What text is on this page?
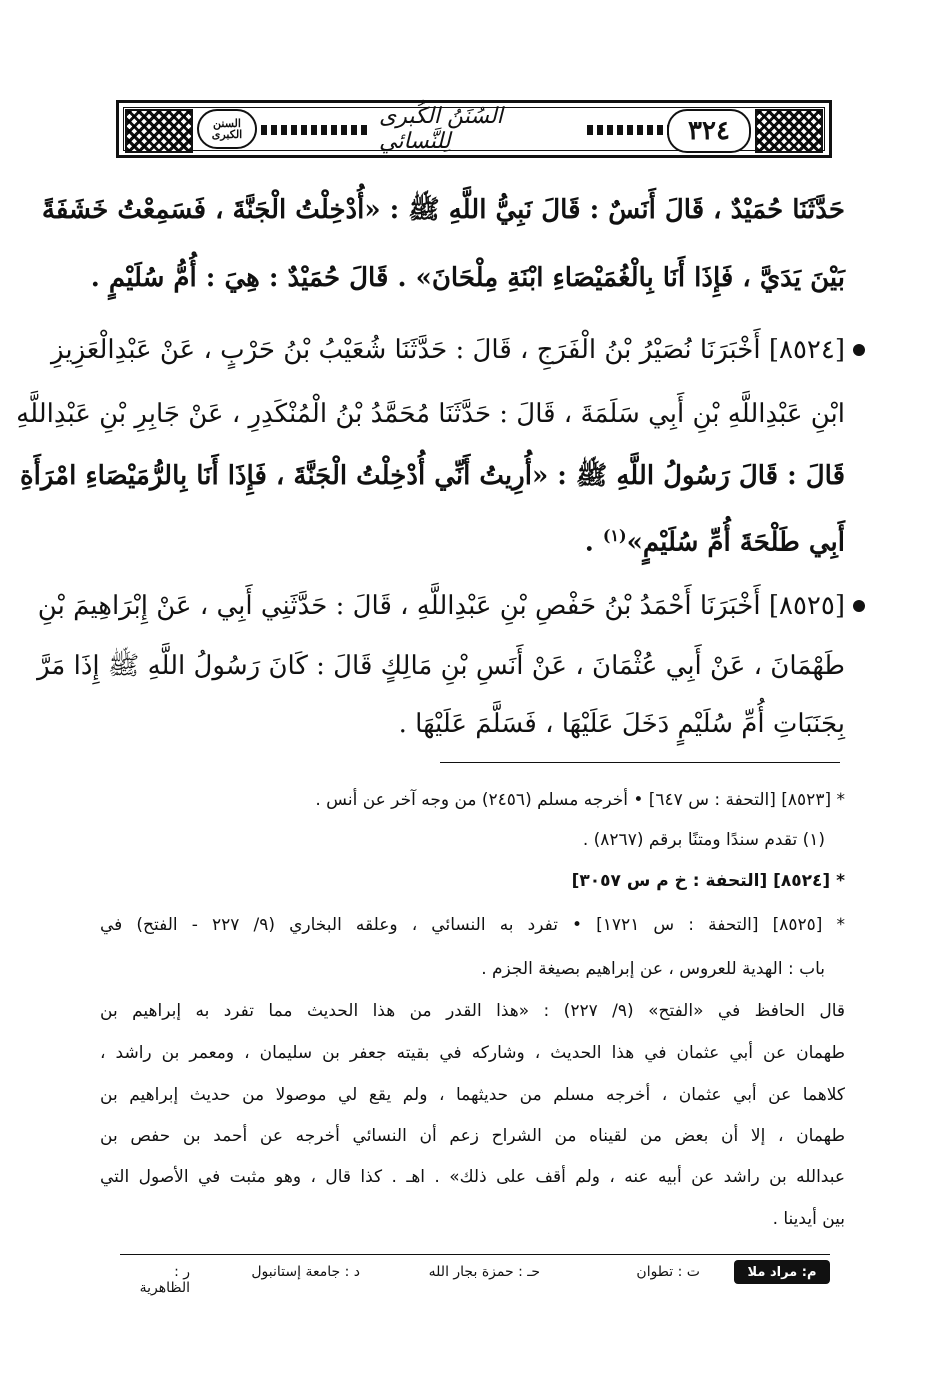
السنن الكبرى	٣٢٤
السُنَنُ الكُبرى لِلنَّسائي
حَدَّثَنَا حُمَيْدٌ ، قَالَ أَنَسٌ : قَالَ نَبِيُّ اللَّهِ ﷺ : «أُدْخِلْتُ الْجَنَّةَ ، فَسَمِعْتُ خَشَفَةً
بَيْنَ يَدَيَّ ، فَإِذَا أَنَا بِالْغُمَيْصَاءِ ابْنَةِ مِلْحَانَ» . قَالَ حُمَيْدٌ : هِيَ : أُمُّ سُلَيْمٍ .
[٨٥٢٤] أَخْبَرَنَا نُصَيْرُ بْنُ الْفَرَجِ ، قَالَ : حَدَّثَنَا شُعَيْبُ بْنُ حَرْبٍ ، عَنْ عَبْدِالْعَزِيزِ
ابْنِ عَبْدِاللَّهِ بْنِ أَبِي سَلَمَةَ ، قَالَ : حَدَّثَنَا مُحَمَّدُ بْنُ الْمُنْكَدِرِ ، عَنْ جَابِرِ بْنِ عَبْدِاللَّهِ
قَالَ : قَالَ رَسُولُ اللَّهِ ﷺ : «أُرِيتُ أَنِّي أُدْخِلْتُ الْجَنَّةَ ، فَإِذَا أَنَا بِالرُّمَيْصَاءِ امْرَأَةِ
أَبِي طَلْحَةَ أُمِّ سُلَيْمٍ»$^{(١)}$ .
[٨٥٢٥] أَخْبَرَنَا أَحْمَدُ بْنُ حَفْصِ بْنِ عَبْدِاللَّهِ ، قَالَ : حَدَّثَنِي أَبِي ، عَنْ إِبْرَاهِيمَ بْنِ
طَهْمَانَ ، عَنْ أَبِي عُثْمَانَ ، عَنْ أَنَسِ بْنِ مَالِكٍ قَالَ : كَانَ رَسُولُ اللَّهِ ﷺ إِذَا مَرَّ
بِجَنَبَاتِ أُمِّ سُلَيْمٍ دَخَلَ عَلَيْهَا ، فَسَلَّمَ عَلَيْهَا .
* [٨٥٢٣] [التحفة : س ٦٤٧] • أخرجه مسلم (٢٤٥٦) من وجه آخر عن أنس .
(١) تقدم سندًا ومتنًا برقم (٨٢٦٧) .
* [٨٥٢٤] [التحفة : خ م س ٣٠٥٧]
* [٨٥٢٥] [التحفة : س ١٧٢١] • تفرد به النسائي ، وعلقه البخاري (٩/ ٢٢٧ - الفتح) في
باب : الهدية للعروس ، عن إبراهيم بصيغة الجزم .
قال الحافظ في «الفتح» (٩/ ٢٢٧) : «هذا القدر من هذا الحديث مما تفرد به إبراهيم بن
طهمان عن أبي عثمان في هذا الحديث ، وشاركه في بقيته جعفر بن سليمان ، ومعمر بن راشد ،
كلاهما عن أبي عثمان ، أخرجه مسلم من حديثهما ، ولم يقع لي موصولا من حديث إبراهيم بن
طهمان ، إلا أن بعض من لقيناه من الشراح زعم أن النسائي أخرجه عن أحمد بن حفص بن
عبدالله بن راشد عن أبيه عنه ، ولم أقف على ذلك» . اهـ . كذا قال ، وهو مثبت في الأصول التي
بين أيدينا .
م: مراد ملا
ت : تطوان
حـ : حمزة بجار الله
د : جامعة إستانبول
ر : الظاهرية
